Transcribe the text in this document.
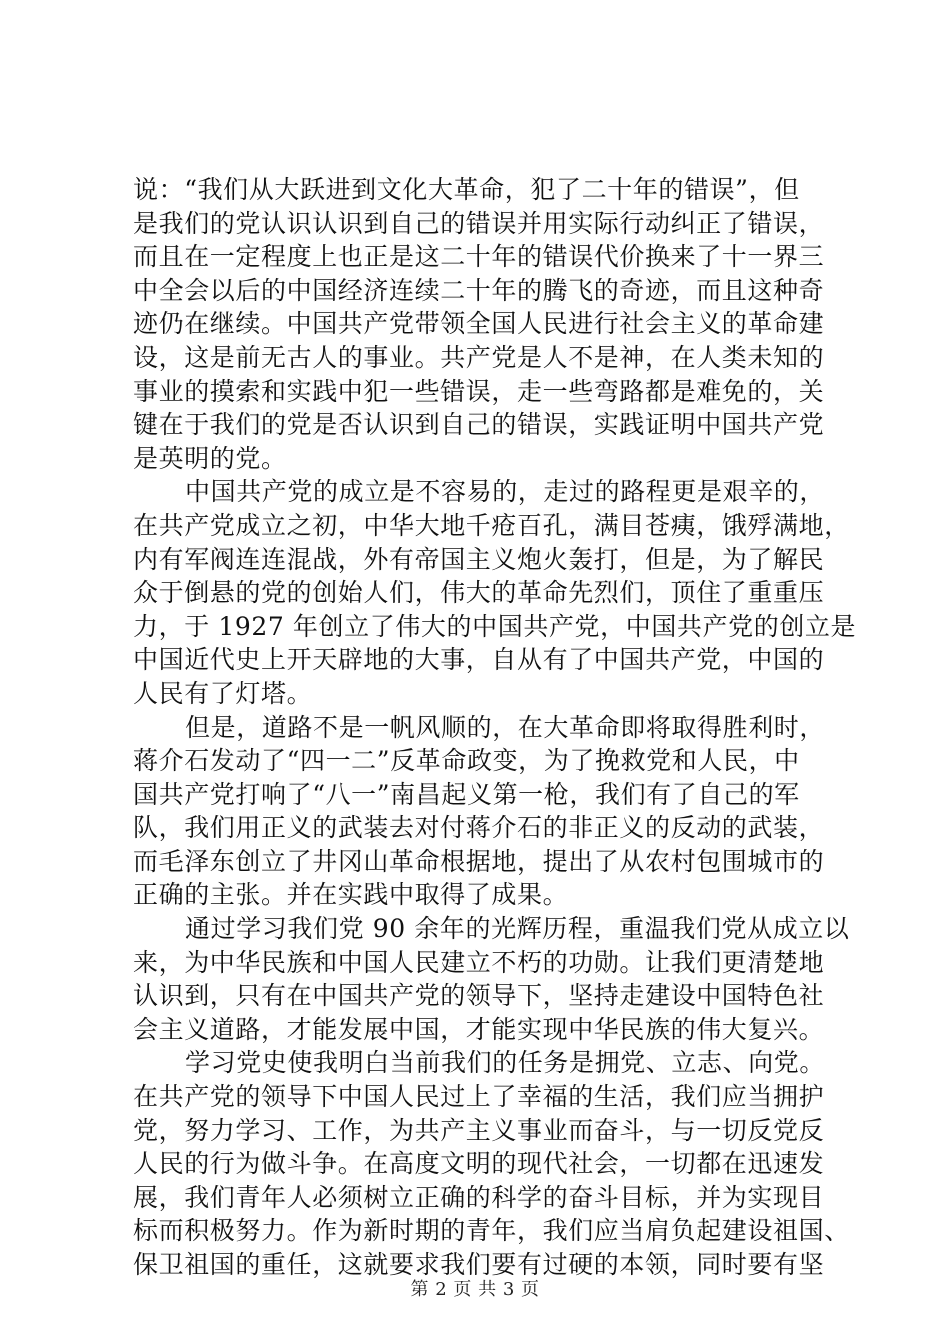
说：“我们从大跃进到文化大革命，犯了二十年的错误”，但
是我们的党认识认识到自己的错误并用实际行动纠正了错误，
而且在一定程度上也正是这二十年的错误代价换来了十一界三
中全会以后的中国经济连续二十年的腾飞的奇迹，而且这种奇
迹仍在继续。中国共产党带领全国人民进行社会主义的革命建
设，这是前无古人的事业。共产党是人不是神，在人类未知的
事业的摸索和实践中犯一些错误，走一些弯路都是难免的，关
键在于我们的党是否认识到自己的错误，实践证明中国共产党
是英明的党。
中国共产党的成立是不容易的，走过的路程更是艰辛的，
在共产党成立之初，中华大地千疮百孔，满目苍痍，饿殍满地，
内有军阀连连混战，外有帝国主义炮火轰打，但是，为了解民
众于倒悬的党的创始人们，伟大的革命先烈们，顶住了重重压
力，于 1927 年创立了伟大的中国共产党，中国共产党的创立是
中国近代史上开天辟地的大事，自从有了中国共产党，中国的
人民有了灯塔。
但是，道路不是一帆风顺的，在大革命即将取得胜利时，
蒋介石发动了“四一二”反革命政变，为了挽救党和人民，中
国共产党打响了“八一”南昌起义第一枪，我们有了自己的军
队，我们用正义的武装去对付蒋介石的非正义的反动的武装，
而毛泽东创立了井冈山革命根据地，提出了从农村包围城市的
正确的主张。并在实践中取得了成果。
通过学习我们党 90 余年的光辉历程，重温我们党从成立以
来，为中华民族和中国人民建立不朽的功勋。让我们更清楚地
认识到，只有在中国共产党的领导下，坚持走建设中国特色社
会主义道路，才能发展中国，才能实现中华民族的伟大复兴。
学习党史使我明白当前我们的任务是拥党、立志、向党。
在共产党的领导下中国人民过上了幸福的生活，我们应当拥护
党，努力学习、工作，为共产主义事业而奋斗，与一切反党反
人民的行为做斗争。在高度文明的现代社会，一切都在迅速发
展，我们青年人必须树立正确的科学的奋斗目标，并为实现目
标而积极努力。作为新时期的青年，我们应当肩负起建设祖国、
保卫祖国的重任，这就要求我们要有过硬的本领，同时要有坚
第 2 页 共 3 页
